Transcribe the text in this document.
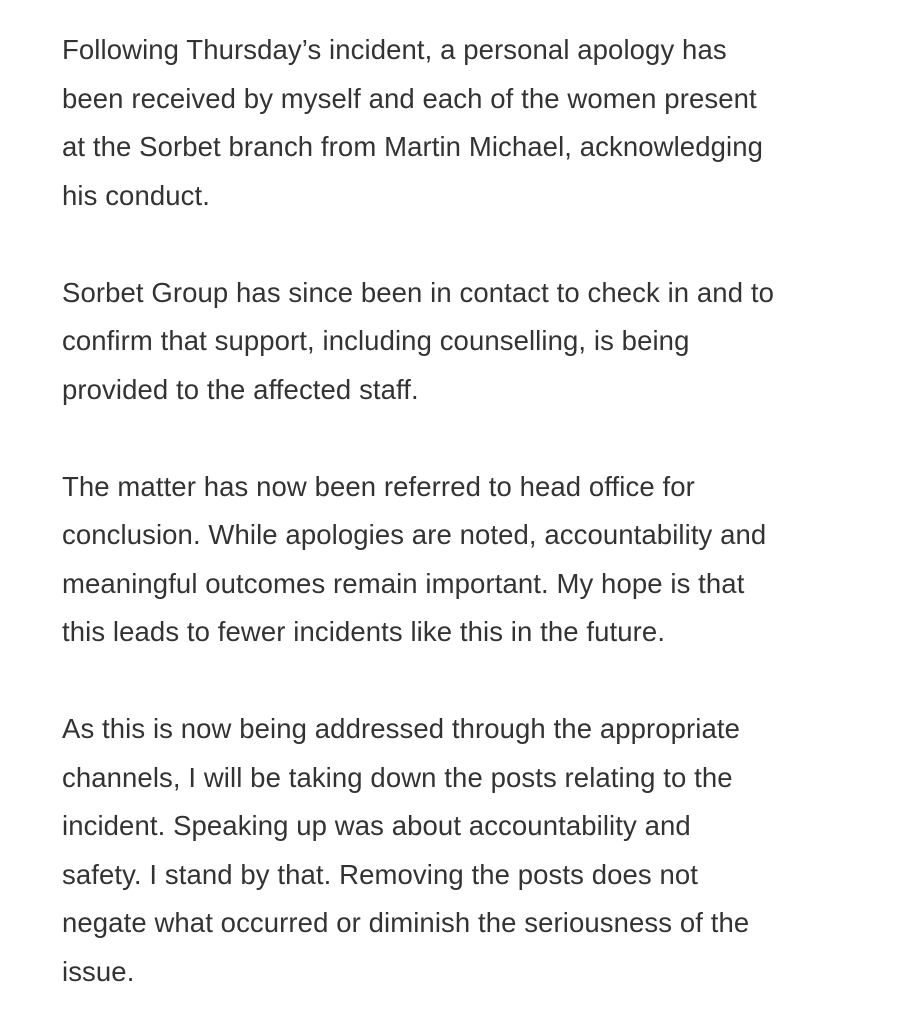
Following Thursday’s incident, a personal apology has
been received by myself and each of the women present
at the Sorbet branch from Martin Michael, acknowledging
his conduct.
Sorbet Group has since been in contact to check in and to
confirm that support, including counselling, is being
provided to the affected staff.
The matter has now been referred to head office for
conclusion. While apologies are noted, accountability and
meaningful outcomes remain important. My hope is that
this leads to fewer incidents like this in the future.
As this is now being addressed through the appropriate
channels, I will be taking down the posts relating to the
incident. Speaking up was about accountability and
safety. I stand by that. Removing the posts does not
negate what occurred or diminish the seriousness of the
issue.
